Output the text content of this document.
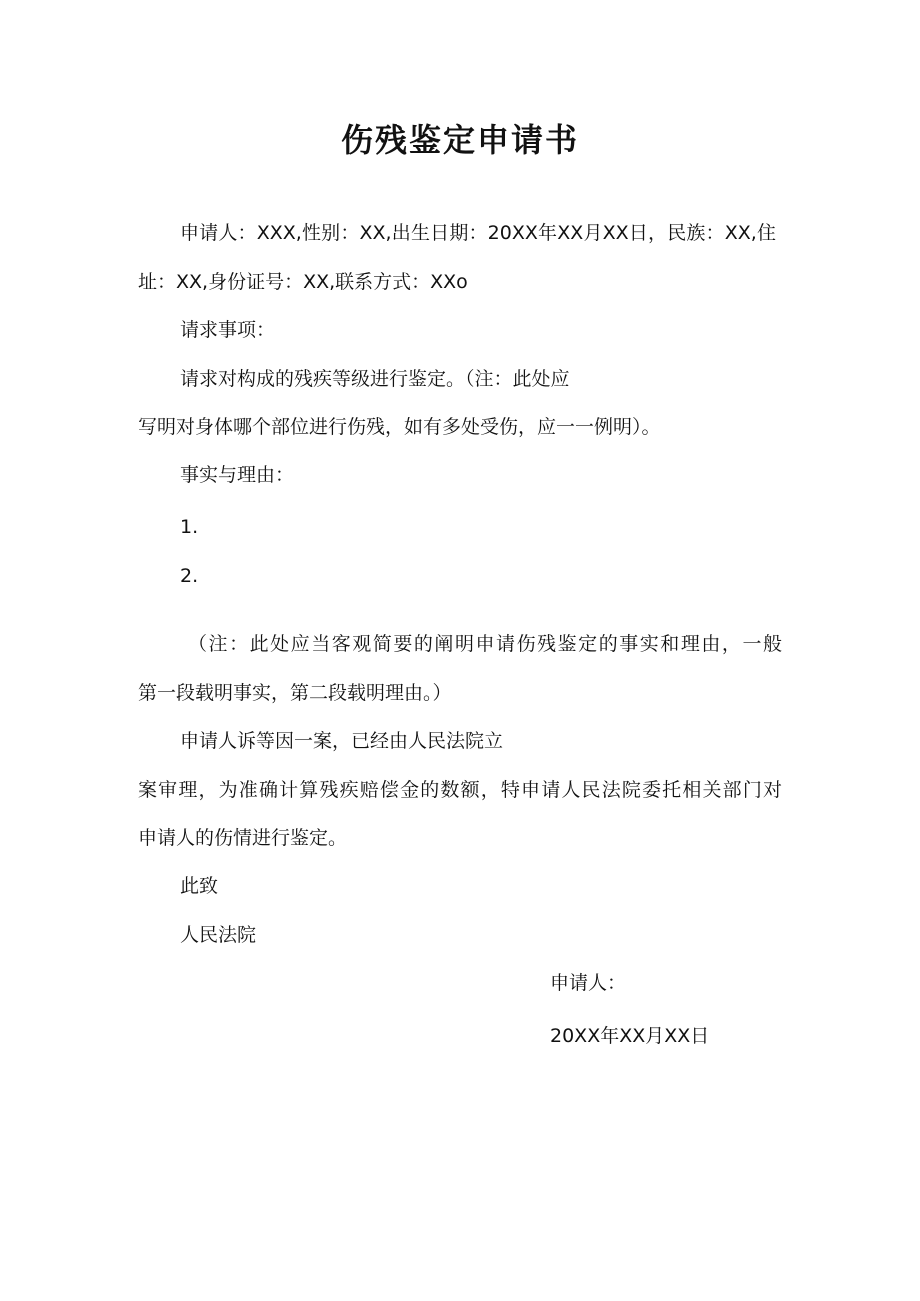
伤残鉴定申请书
申请人：XXX,性别：XX,出生日期：20XX年XX月XX日，民族：XX,住
址：XX,身份证号：XX,联系方式：XXo
请求事项：
请求对构成的残疾等级进行鉴定。（注：此处应
写明对身体哪个部位进行伤残，如有多处受伤，应一一例明）。
事实与理由：
1.
2.
（注：此处应当客观简要的阐明申请伤残鉴定的事实和理由，一般
第一段载明事实，第二段载明理由。）
申请人诉等因一案，已经由人民法院立
案审理，为准确计算残疾赔偿金的数额，特申请人民法院委托相关部门对
申请人的伤情进行鉴定。
此致
人民法院
申请人：
20XX年XX月XX日
